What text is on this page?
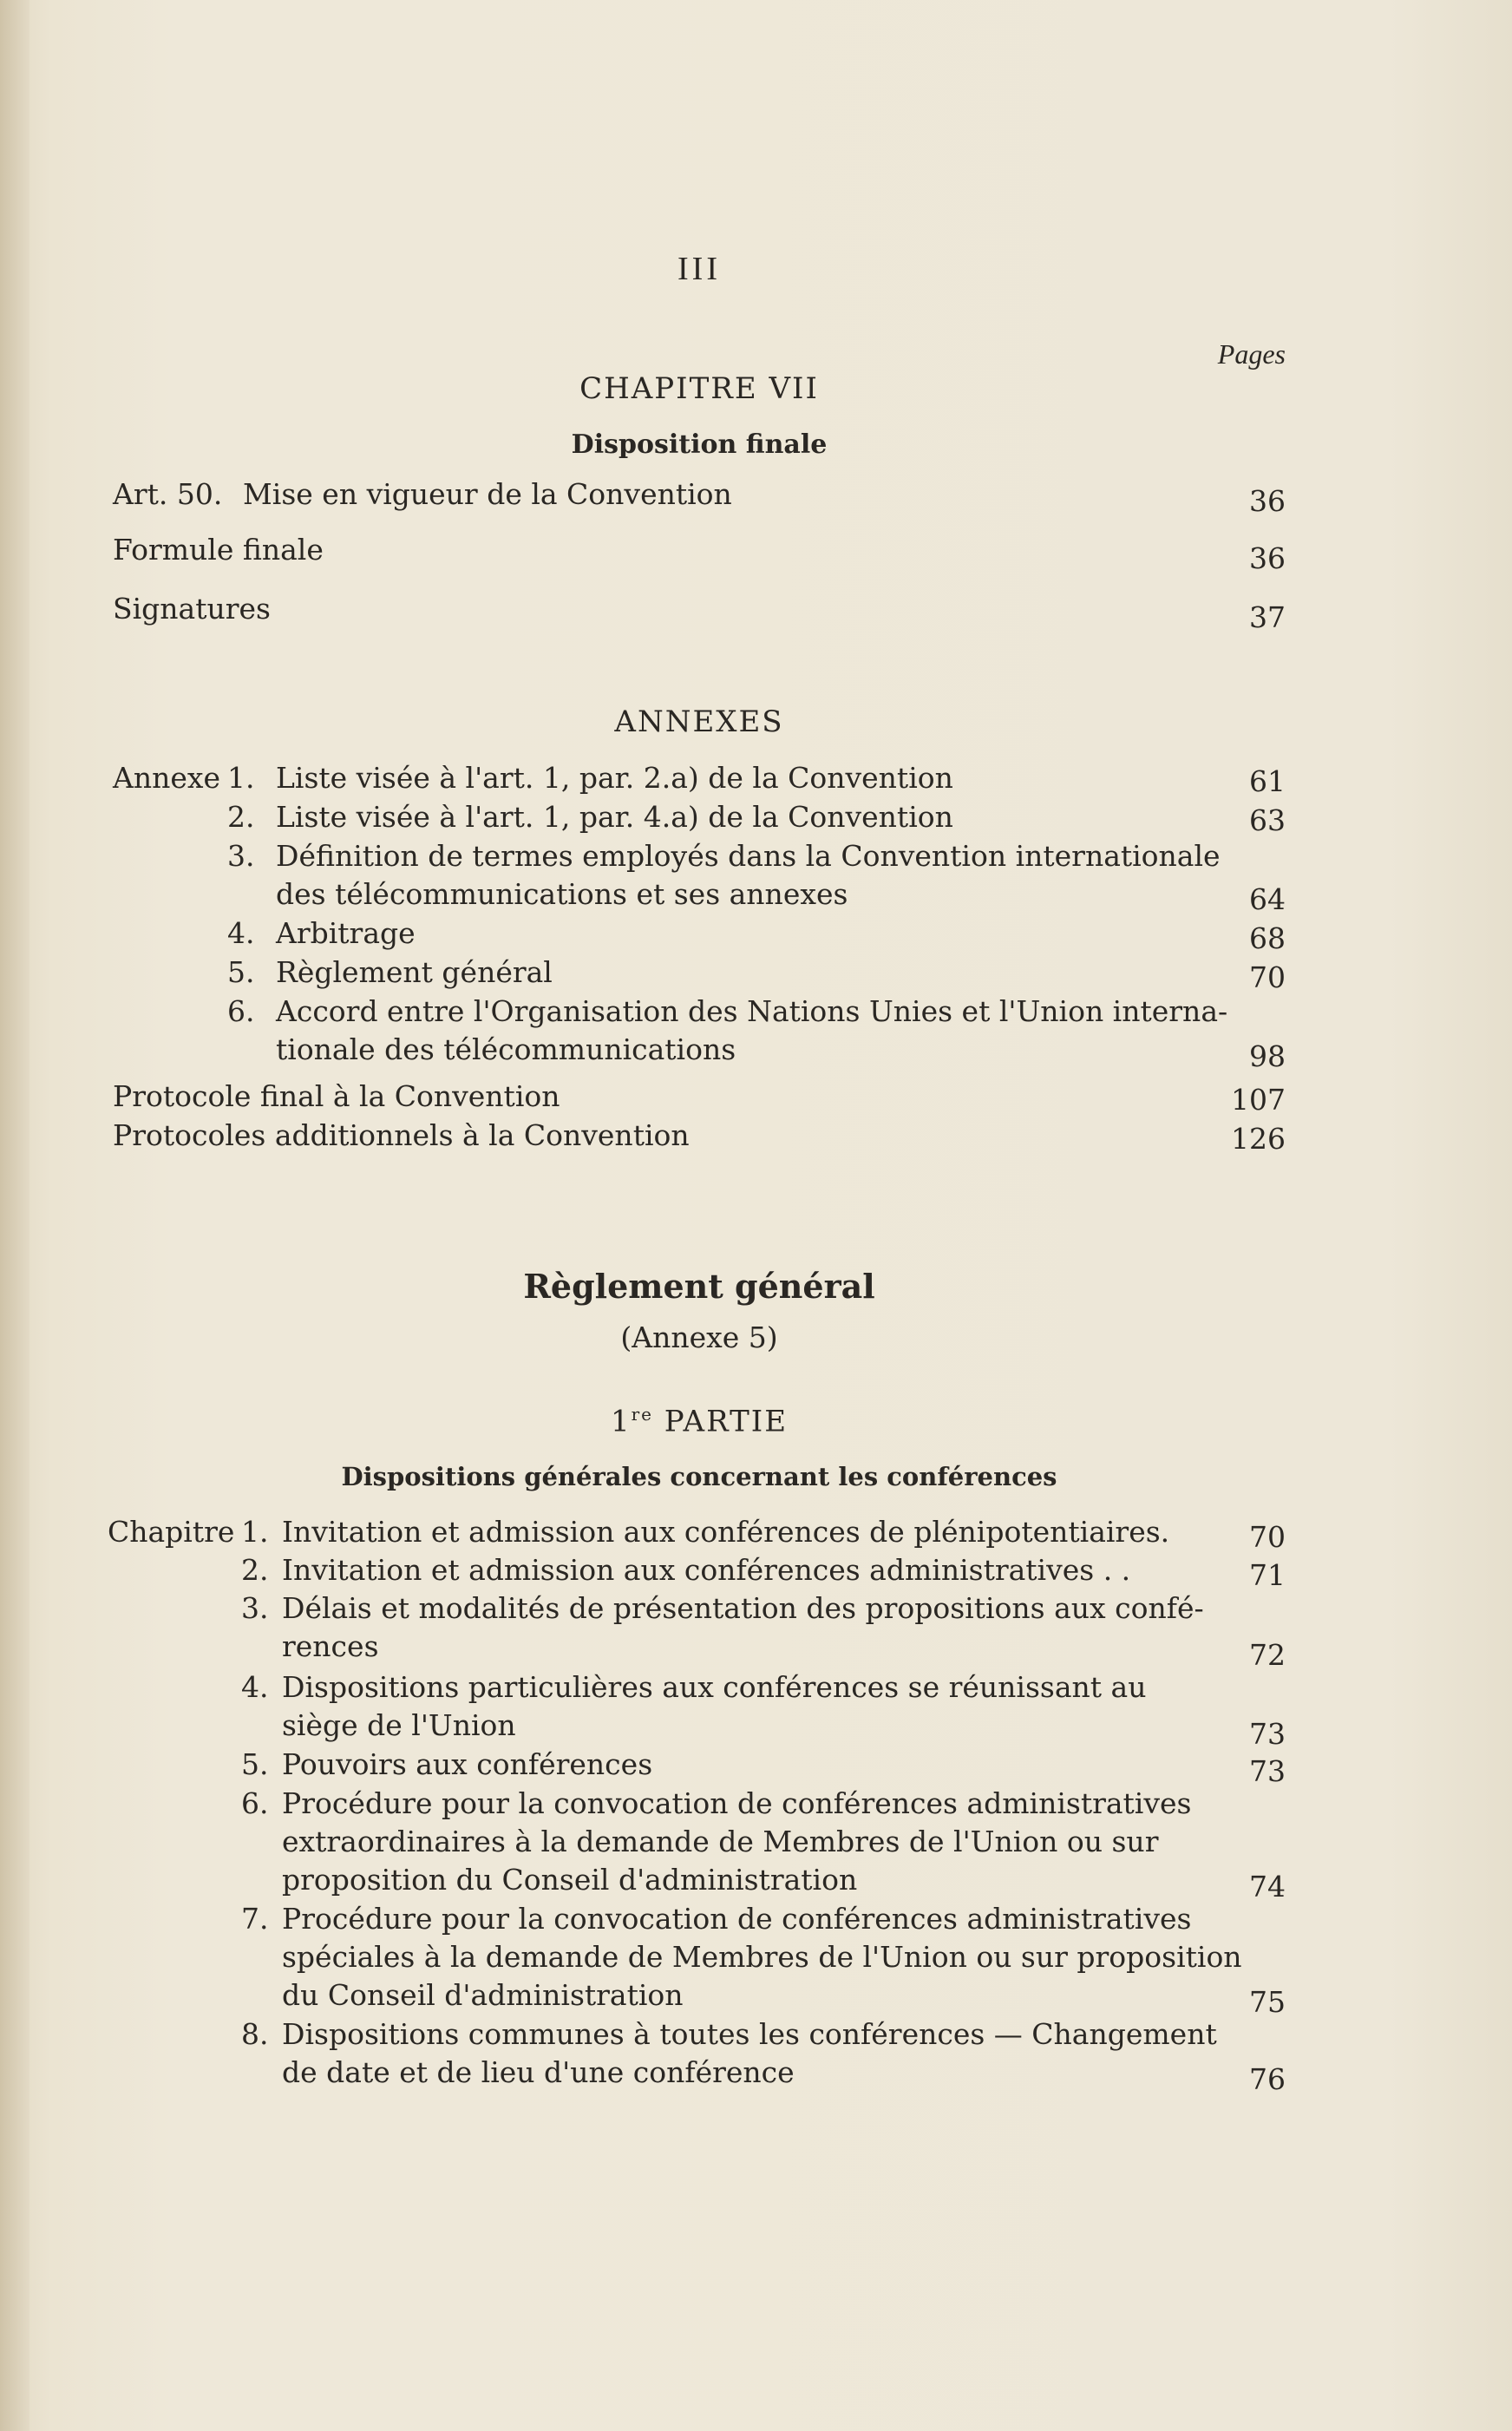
III
Pages
CHAPITRE VII
Disposition finale
Art. 50. Mise en vigueur de la Convention	36
Formule finale	36
Signatures	37
ANNEXES
Annexe 1. Liste visée à l'art. 1, par. 2.a) de la Convention	61
2. Liste visée à l'art. 1, par. 4.a) de la Convention	63
3. Définition de termes employés dans la Convention internationale
des télécommunications et ses annexes	64
4. Arbitrage	68
5. Règlement général	70
6. Accord entre l'Organisation des Nations Unies et l'Union interna-
tionale des télécommunications	98
Protocole final à la Convention	107
Protocoles additionnels à la Convention	126
Règlement général
(Annexe 5)
1re PARTIE
Dispositions générales concernant les conférences
Chapitre 1. Invitation et admission aux conférences de plénipotentiaires.	70
2. Invitation et admission aux conférences administratives . .	71
3. Délais et modalités de présentation des propositions aux confé-
rences	72
4. Dispositions particulières aux conférences se réunissant au
siège de l'Union	73
5. Pouvoirs aux conférences	73
6. Procédure pour la convocation de conférences administratives
extraordinaires à la demande de Membres de l'Union ou sur
proposition du Conseil d'administration	74
7. Procédure pour la convocation de conférences administratives
spéciales à la demande de Membres de l'Union ou sur proposition
du Conseil d'administration	75
8. Dispositions communes à toutes les conférences — Changement
de date et de lieu d'une conférence	76
